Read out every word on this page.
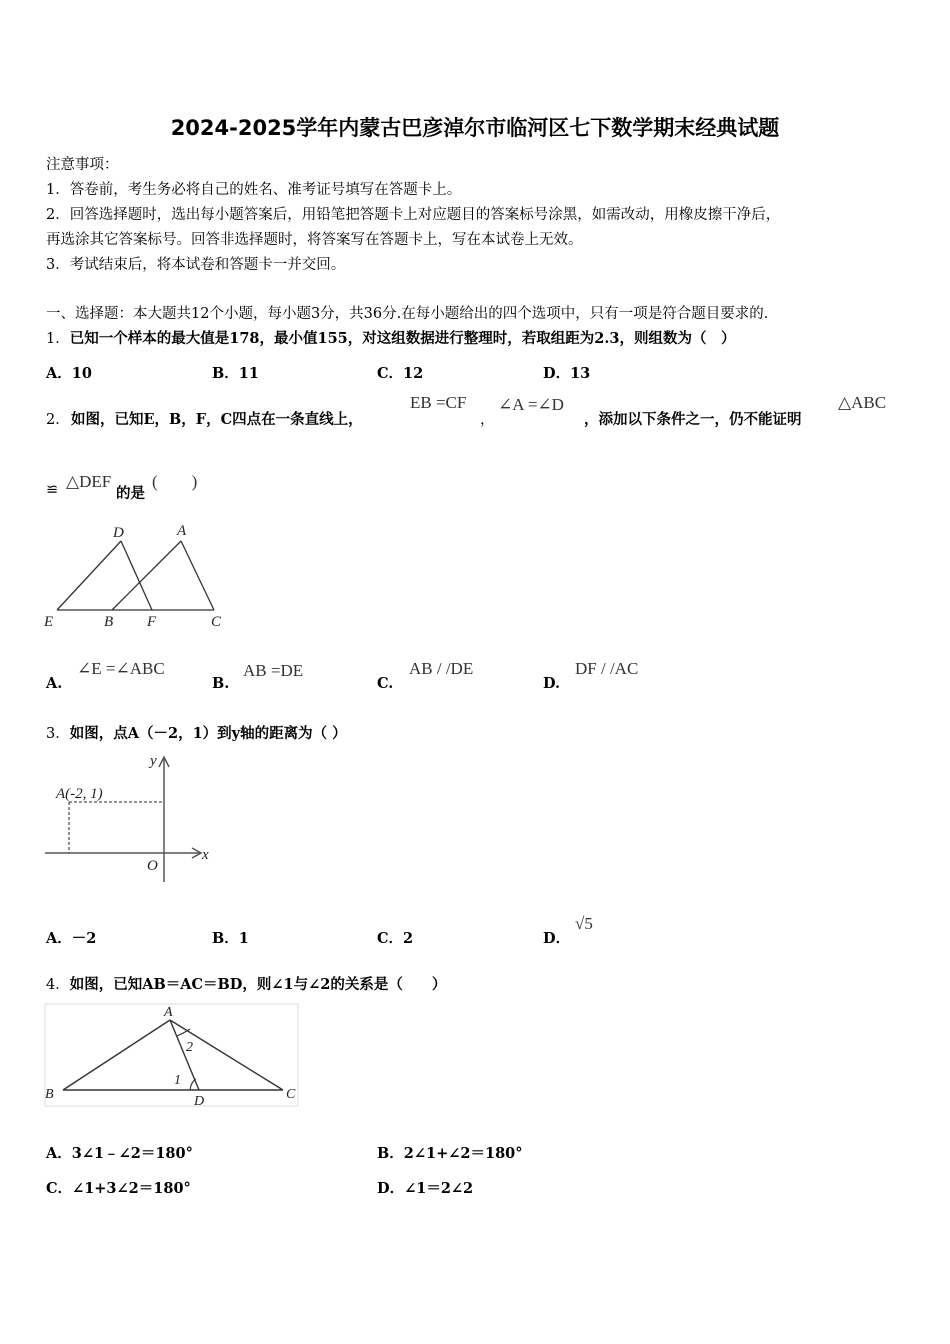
2024-2025学年内蒙古巴彦淖尔市临河区七下数学期末经典试题
注意事项：
1．答卷前，考生务必将自己的姓名、准考证号填写在答题卡上。
2．回答选择题时，选出每小题答案后，用铅笔把答题卡上对应题目的答案标号涂黑，如需改动，用橡皮擦干净后，
再选涂其它答案标号。回答非选择题时，将答案写在答题卡上，写在本试卷上无效。
3．考试结束后，将本试卷和答题卡一并交回。
一、选择题：本大题共12个小题，每小题3分，共36分.在每小题给出的四个选项中，只有一项是符合题目要求的.
1．已知一个样本的最大值是178，最小值155，对这组数据进行整理时，若取组距为2.3，则组数为（　）
A．10	B．11	C．12	D．13
2． 如图，已知E，B，F，C四点在一条直线上，
EB =CF
，
∠A =∠D
，添加以下条件之一，仍不能证明
△ABC
≌ △DEF
的是
(　　)
D	A
E	B F	C
A.
∠E =∠ABC
B.
AB =DE
C.
AB / /DE
D.
DF / /AC
3．如图，点A（－2，1）到y轴的距离为（ ）
A(-2, 1)
y
x
O
A．－2	B．1	C．2	D．
√5
4．如图，已知AB＝AC＝BD，则∠1与∠2的关系是（　　）
A
B	C
D
1
2
A．3∠1﹣∠2＝180°	B．2∠1+∠2＝180°
C．∠1+3∠2＝180°	D．∠1＝2∠2
